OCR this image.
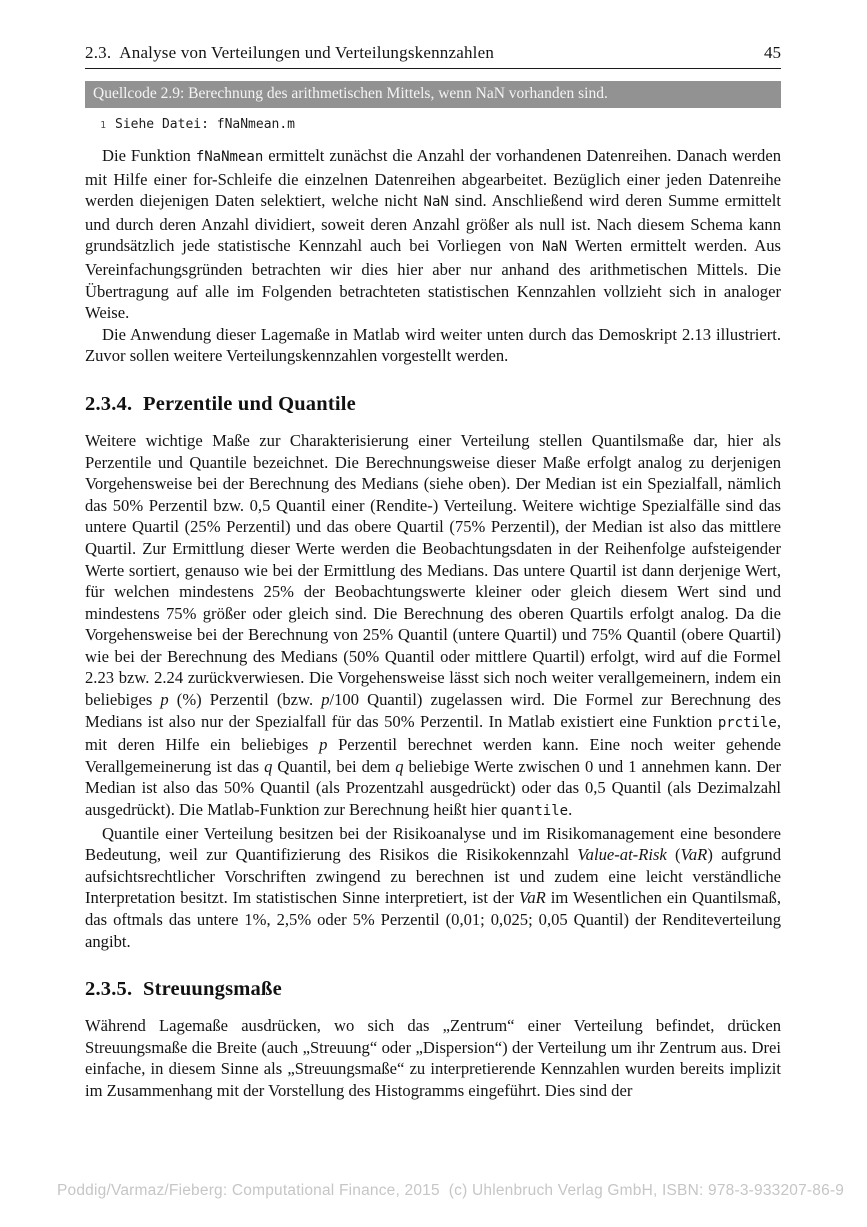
2.3.  Analyse von Verteilungen und Verteilungskennzahlen	45
Quellcode 2.9: Berechnung des arithmetischen Mittels, wenn NaN vorhanden sind.
1 Siehe Datei: fNaNmean.m

Die Funktion fNaNmean ermittelt zunächst die Anzahl der vorhandenen Datenreihen. Danach werden mit Hilfe einer for-Schleife die einzelnen Datenreihen abgearbeitet. Bezüglich einer jeden Datenreihe werden diejenigen Daten selektiert, welche nicht NaN sind. Anschließend wird deren Summe ermittelt und durch deren Anzahl dividiert, soweit deren Anzahl größer als null ist. Nach diesem Schema kann grundsätzlich jede statistische Kennzahl auch bei Vorliegen von NaN Werten ermittelt werden. Aus Vereinfachungsgründen betrachten wir dies hier aber nur anhand des arithmetischen Mittels. Die Übertragung auf alle im Folgenden betrachteten statistischen Kennzahlen vollzieht sich in analoger Weise.

Die Anwendung dieser Lagemaße in Matlab wird weiter unten durch das Demoskript 2.13 illustriert. Zuvor sollen weitere Verteilungskennzahlen vorgestellt werden.

2.3.4.  Perzentile und Quantile

Weitere wichtige Maße zur Charakterisierung einer Verteilung stellen Quantilsmaße dar, hier als Perzentile und Quantile bezeichnet. Die Berechnungsweise dieser Maße erfolgt analog zu derjenigen Vorgehensweise bei der Berechnung des Medians (siehe oben). Der Median ist ein Spezialfall, nämlich das 50% Perzentil bzw. 0,5 Quantil einer (Rendite-) Verteilung. Weitere wichtige Spezialfälle sind das untere Quartil (25% Perzentil) und das obere Quartil (75% Perzentil), der Median ist also das mittlere Quartil. Zur Ermittlung dieser Werte werden die Beobachtungsdaten in der Reihenfolge aufsteigender Werte sortiert, genauso wie bei der Ermittlung des Medians. Das untere Quartil ist dann derjenige Wert, für welchen mindestens 25% der Beobachtungswerte kleiner oder gleich diesem Wert sind und mindestens 75% größer oder gleich sind. Die Berechnung des oberen Quartils erfolgt analog. Da die Vorgehensweise bei der Berechnung von 25% Quantil (untere Quartil) und 75% Quantil (obere Quartil) wie bei der Berechnung des Medians (50% Quantil oder mittlere Quartil) erfolgt, wird auf die Formel 2.23 bzw. 2.24 zurückverwiesen. Die Vorgehensweise lässt sich noch weiter verallgemeinern, indem ein beliebiges p (%) Perzentil (bzw. p/100 Quantil) zugelassen wird. Die Formel zur Berechnung des Medians ist also nur der Spezialfall für das 50% Perzentil. In Matlab existiert eine Funktion prctile, mit deren Hilfe ein beliebiges p Perzentil berechnet werden kann. Eine noch weiter gehende Verallgemeinerung ist das q Quantil, bei dem q beliebige Werte zwischen 0 und 1 annehmen kann. Der Median ist also das 50% Quantil (als Prozentzahl ausgedrückt) oder das 0,5 Quantil (als Dezimalzahl ausgedrückt). Die Matlab-Funktion zur Berechnung heißt hier quantile.

Quantile einer Verteilung besitzen bei der Risikoanalyse und im Risikomanagement eine besondere Bedeutung, weil zur Quantifizierung des Risikos die Risikokennzahl Value-at-Risk (VaR) aufgrund aufsichtsrechtlicher Vorschriften zwingend zu berechnen ist und zudem eine leicht verständliche Interpretation besitzt. Im statistischen Sinne interpretiert, ist der VaR im Wesentlichen ein Quantilsmaß, das oftmals das untere 1%, 2,5% oder 5% Perzentil (0,01; 0,025; 0,05 Quantil) der Renditeverteilung angibt.

2.3.5.  Streuungsmaße

Während Lagemaße ausdrücken, wo sich das „Zentrum“ einer Verteilung befindet, drücken Streuungsmaße die Breite (auch „Streuung“ oder „Dispersion“) der Verteilung um ihr Zentrum aus. Drei einfache, in diesem Sinne als „Streuungsmaße“ zu interpretierende Kennzahlen wurden bereits implizit im Zusammenhang mit der Vorstellung des Histogramms eingeführt. Dies sind der

Poddig/Varmaz/Fieberg: Computational Finance, 2015  (c) Uhlenbruch Verlag GmbH, ISBN: 978-3-933207-86-9
